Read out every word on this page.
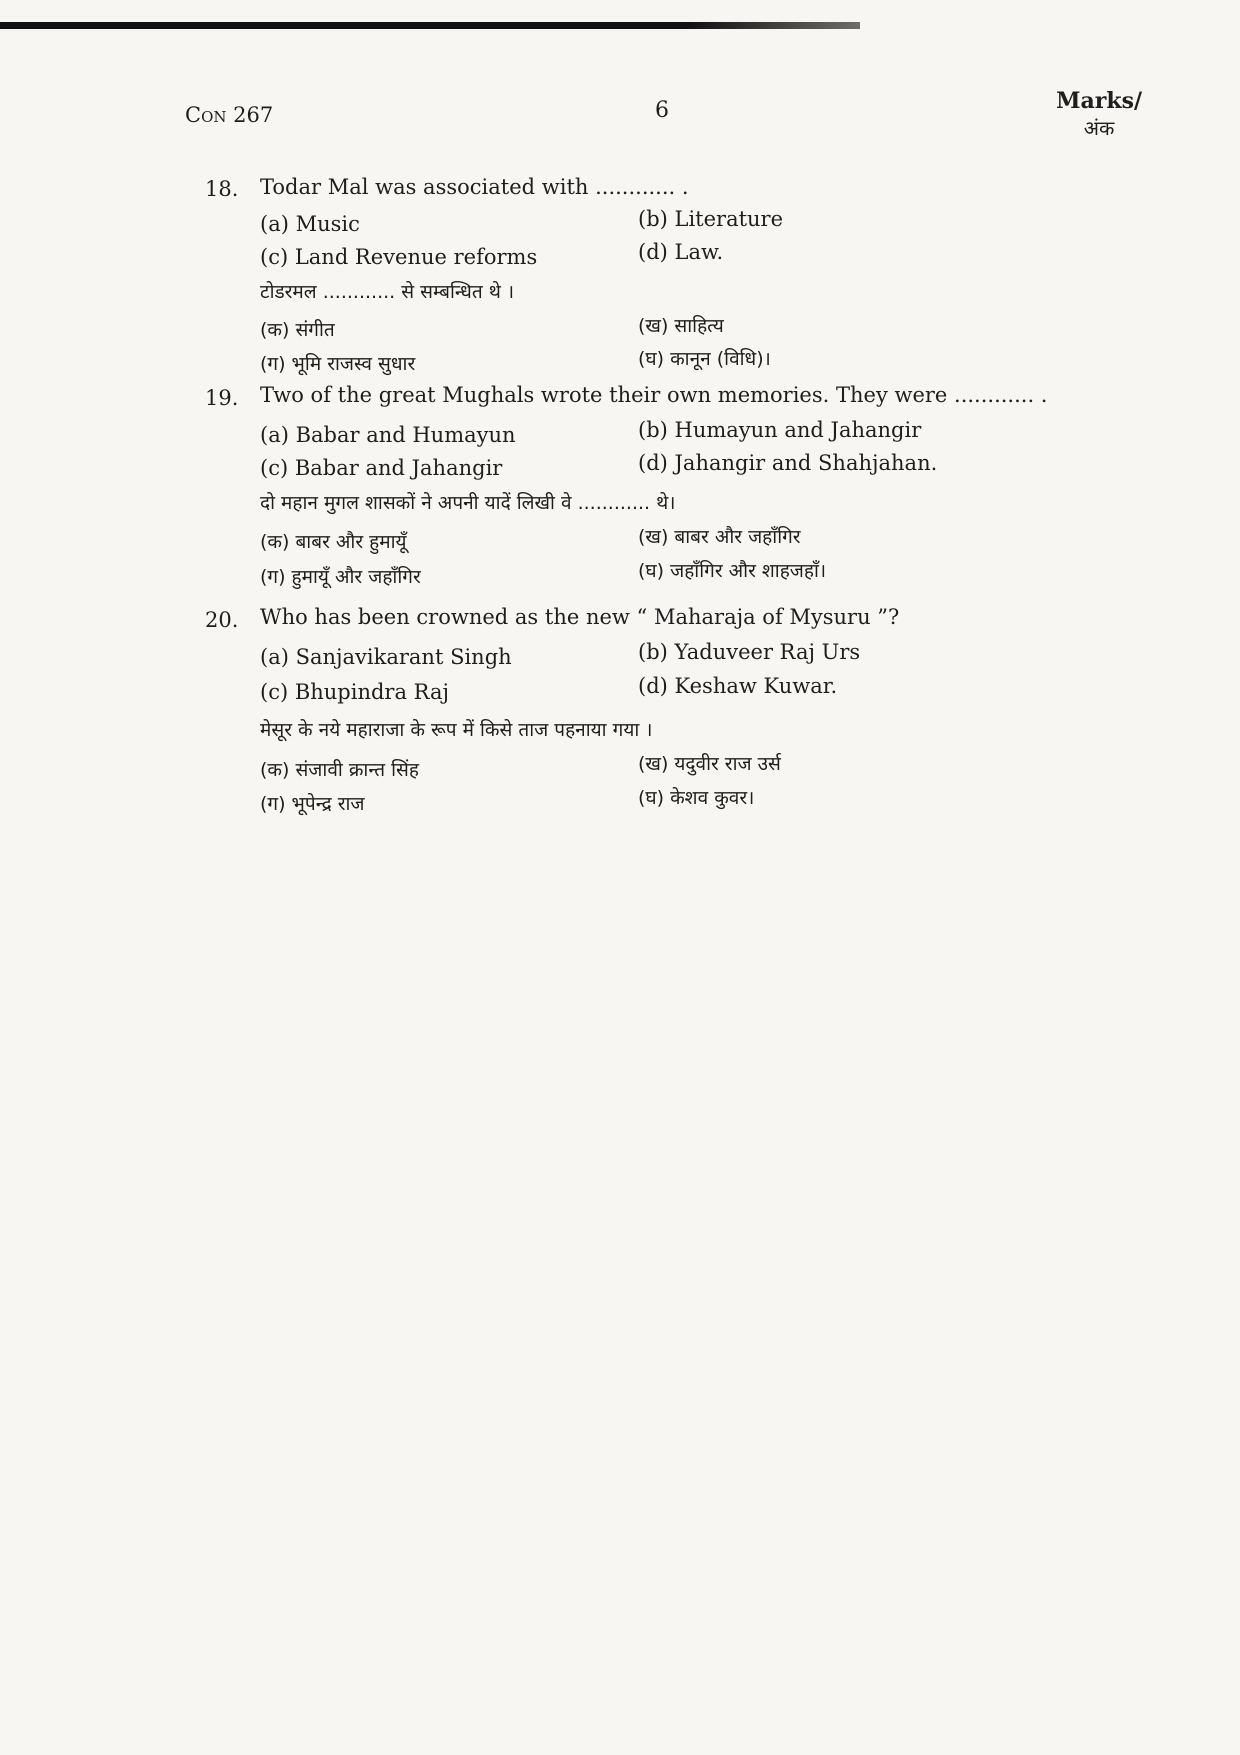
Con 267	6	Marks/
अंक
18. Todar Mal was associated with ............ .
(a) Music	(b) Literature
(c) Land Revenue reforms	(d) Law.
टोडरमल ............ से सम्बन्धित थे ।
(क) संगीत	(ख) साहित्य
(ग) भूमि राजस्व सुधार	(घ) कानून (विधि)।
19. Two of the great Mughals wrote their own memories. They were ............ .
(a) Babar and Humayun	(b) Humayun and Jahangir
(c) Babar and Jahangir	(d) Jahangir and Shahjahan.
दो महान मुगल शासकों ने अपनी यादें लिखी वे ............ थे।
(क) बाबर और हुमायूँ	(ख) बाबर और जहाँगिर
(ग) हुमायूँ और जहाँगिर	(घ) जहाँगिर और शाहजहाँ।
20. Who has been crowned as the new “ Maharaja of Mysuru ”?
(a) Sanjavikarant Singh	(b) Yaduveer Raj Urs
(c) Bhupindra Raj	(d) Keshaw Kuwar.
मेसूर के नये महाराजा के रूप में किसे ताज पहनाया गया ।
(क) संजावी क्रान्त सिंह	(ख) यदुवीर राज उर्स
(ग) भूपेन्द्र राज	(घ) केशव कुवर।
